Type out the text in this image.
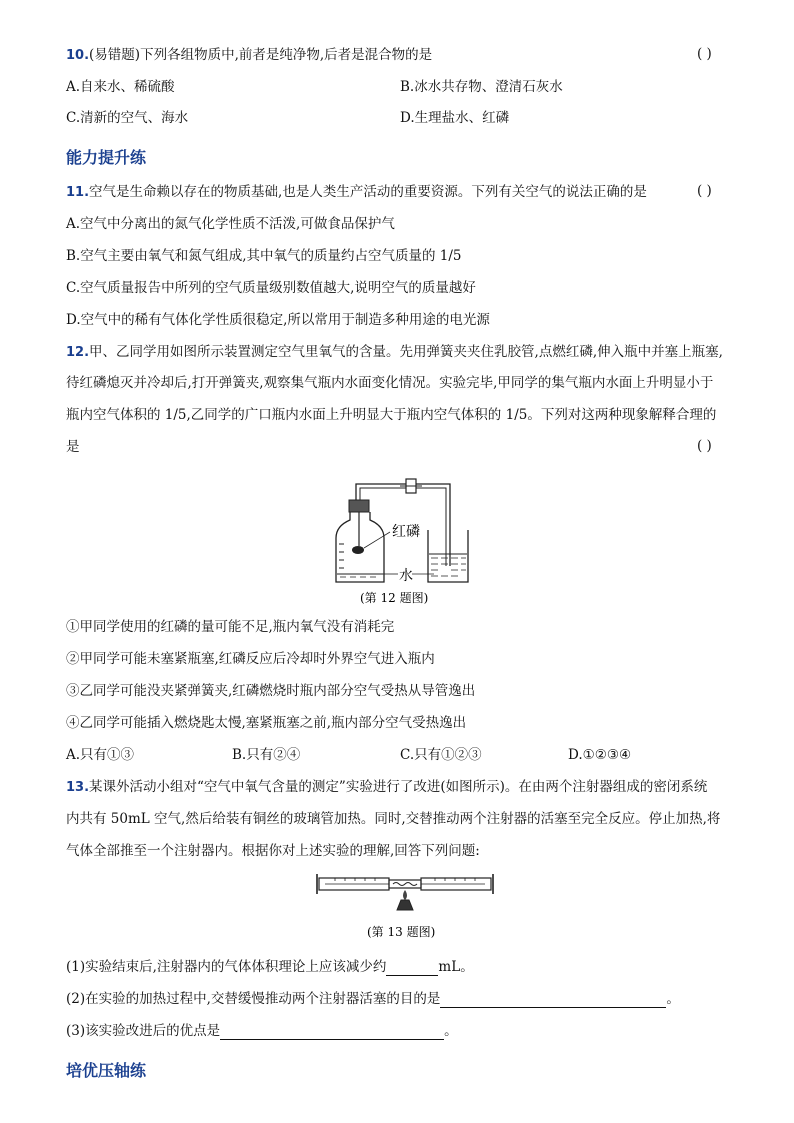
10.(易错题)下列各组物质中,前者是纯净物,后者是混合物的是	( )
A.自来水、稀硫酸	B.冰水共存物、澄清石灰水
C.清新的空气、海水	D.生理盐水、红磷
能力提升练
11.空气是生命赖以存在的物质基础,也是人类生产活动的重要资源。下列有关空气的说法正确的是	( )
A.空气中分离出的氮气化学性质不活泼,可做食品保护气
B.空气主要由氧气和氮气组成,其中氧气的质量约占空气质量的 1/5
C.空气质量报告中所列的空气质量级别数值越大,说明空气的质量越好
D.空气中的稀有气体化学性质很稳定,所以常用于制造多种用途的电光源
12.甲、乙同学用如图所示装置测定空气里氧气的含量。先用弹簧夹夹住乳胶管,点燃红磷,伸入瓶中并塞上瓶塞,
待红磷熄灭并冷却后,打开弹簧夹,观察集气瓶内水面变化情况。实验完毕,甲同学的集气瓶内水面上升明显小于
瓶内空气体积的 1/5,乙同学的广口瓶内水面上升明显大于瓶内空气体积的 1/5。下列对这两种现象解释合理的
是	( )
红磷
水
(第 12 题图)
①甲同学使用的红磷的量可能不足,瓶内氧气没有消耗完
②甲同学可能未塞紧瓶塞,红磷反应后冷却时外界空气进入瓶内
③乙同学可能没夹紧弹簧夹,红磷燃烧时瓶内部分空气受热从导管逸出
④乙同学可能插入燃烧匙太慢,塞紧瓶塞之前,瓶内部分空气受热逸出
A.只有①③	B.只有②④	C.只有①②③	D.①②③④
13.某课外活动小组对“空气中氧气含量的测定”实验进行了改进(如图所示)。在由两个注射器组成的密闭系统
内共有 50mL 空气,然后给装有铜丝的玻璃管加热。同时,交替推动两个注射器的活塞至完全反应。停止加热,将
气体全部推至一个注射器内。根据你对上述实验的理解,回答下列问题:
(第 13 题图)
(1)实验结束后,注射器内的气体体积理论上应该减少约	mL。
(2)在实验的加热过程中,交替缓慢推动两个注射器活塞的目的是	。
(3)该实验改进后的优点是	。
培优压轴练
